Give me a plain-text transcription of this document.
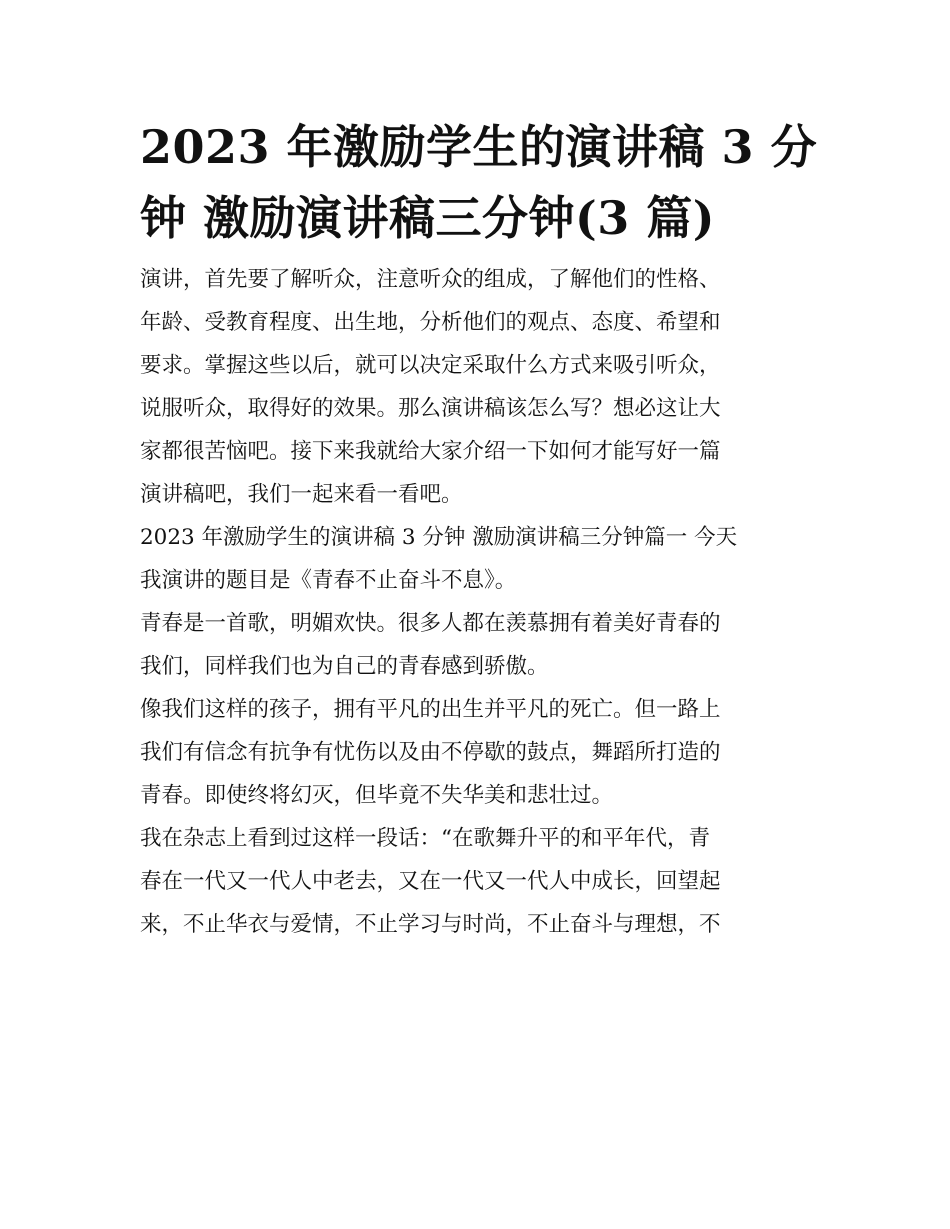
2023 年激励学生的演讲稿 3 分
钟 激励演讲稿三分钟(3 篇)

演讲，首先要了解听众，注意听众的组成，了解他们的性格、
年龄、受教育程度、出生地，分析他们的观点、态度、希望和
要求。掌握这些以后，就可以决定采取什么方式来吸引听众，
说服听众，取得好的效果。那么演讲稿该怎么写？想必这让大
家都很苦恼吧。接下来我就给大家介绍一下如何才能写好一篇
演讲稿吧，我们一起来看一看吧。

2023 年激励学生的演讲稿 3 分钟 激励演讲稿三分钟篇一 今天
我演讲的题目是《青春不止奋斗不息》。

青春是一首歌，明媚欢快。很多人都在羡慕拥有着美好青春的
我们，同样我们也为自己的青春感到骄傲。

像我们这样的孩子，拥有平凡的出生并平凡的死亡。但一路上
我们有信念有抗争有忧伤以及由不停歇的鼓点，舞蹈所打造的
青春。即使终将幻灭，但毕竟不失华美和悲壮过。

我在杂志上看到过这样一段话：“在歌舞升平的和平年代，青
春在一代又一代人中老去，又在一代又一代人中成长，回望起
来，不止华衣与爱情，不止学习与时尚，不止奋斗与理想，不
